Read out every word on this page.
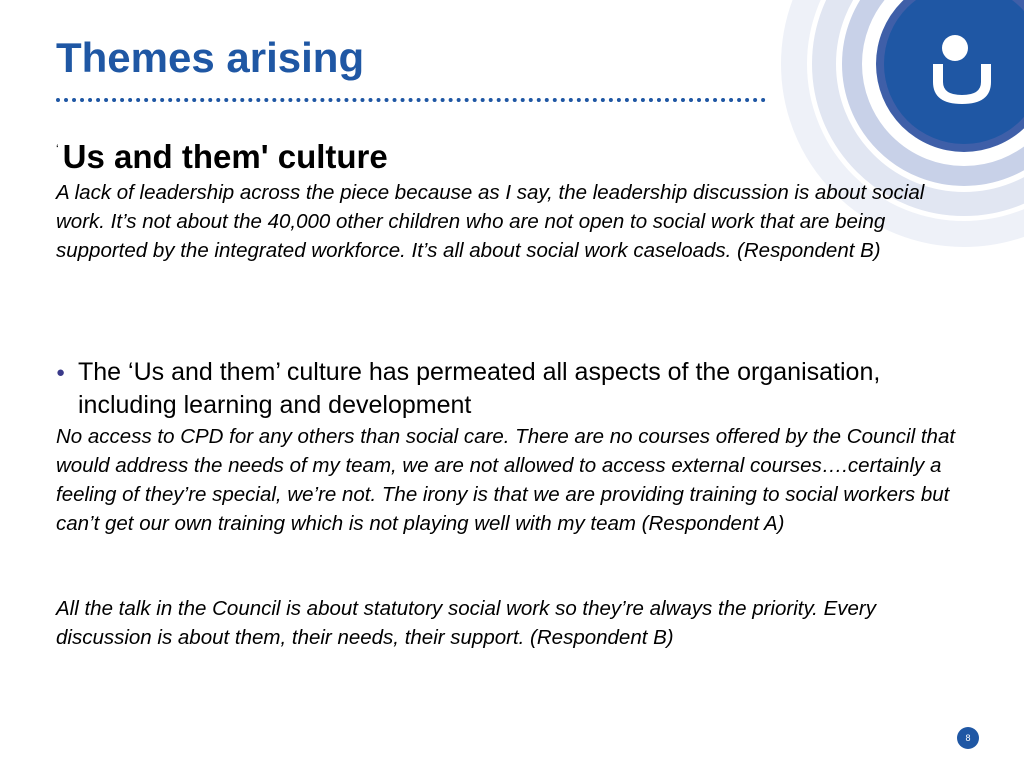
Themes arising
‘ Us and them' culture

A lack of leadership across the piece because as I say, the leadership discussion is about social work. It’s not about the 40,000 other children who are not open to social work that are being supported by the integrated workforce. It’s all about social work caseloads. (Respondent B)

● The ‘Us and them’ culture has permeated all aspects of the organisation, including learning and development

No access to CPD for any others than social care. There are no courses offered by the Council that would address the needs of my team, we are not allowed to access external courses….certainly a feeling of they’re special, we’re not. The irony is that we are providing training to social workers but can’t get our own training which is not playing well with my team (Respondent A)

All the talk in the Council is about statutory social work so they’re always the priority. Every discussion is about them, their needs, their support. (Respondent B)

8
